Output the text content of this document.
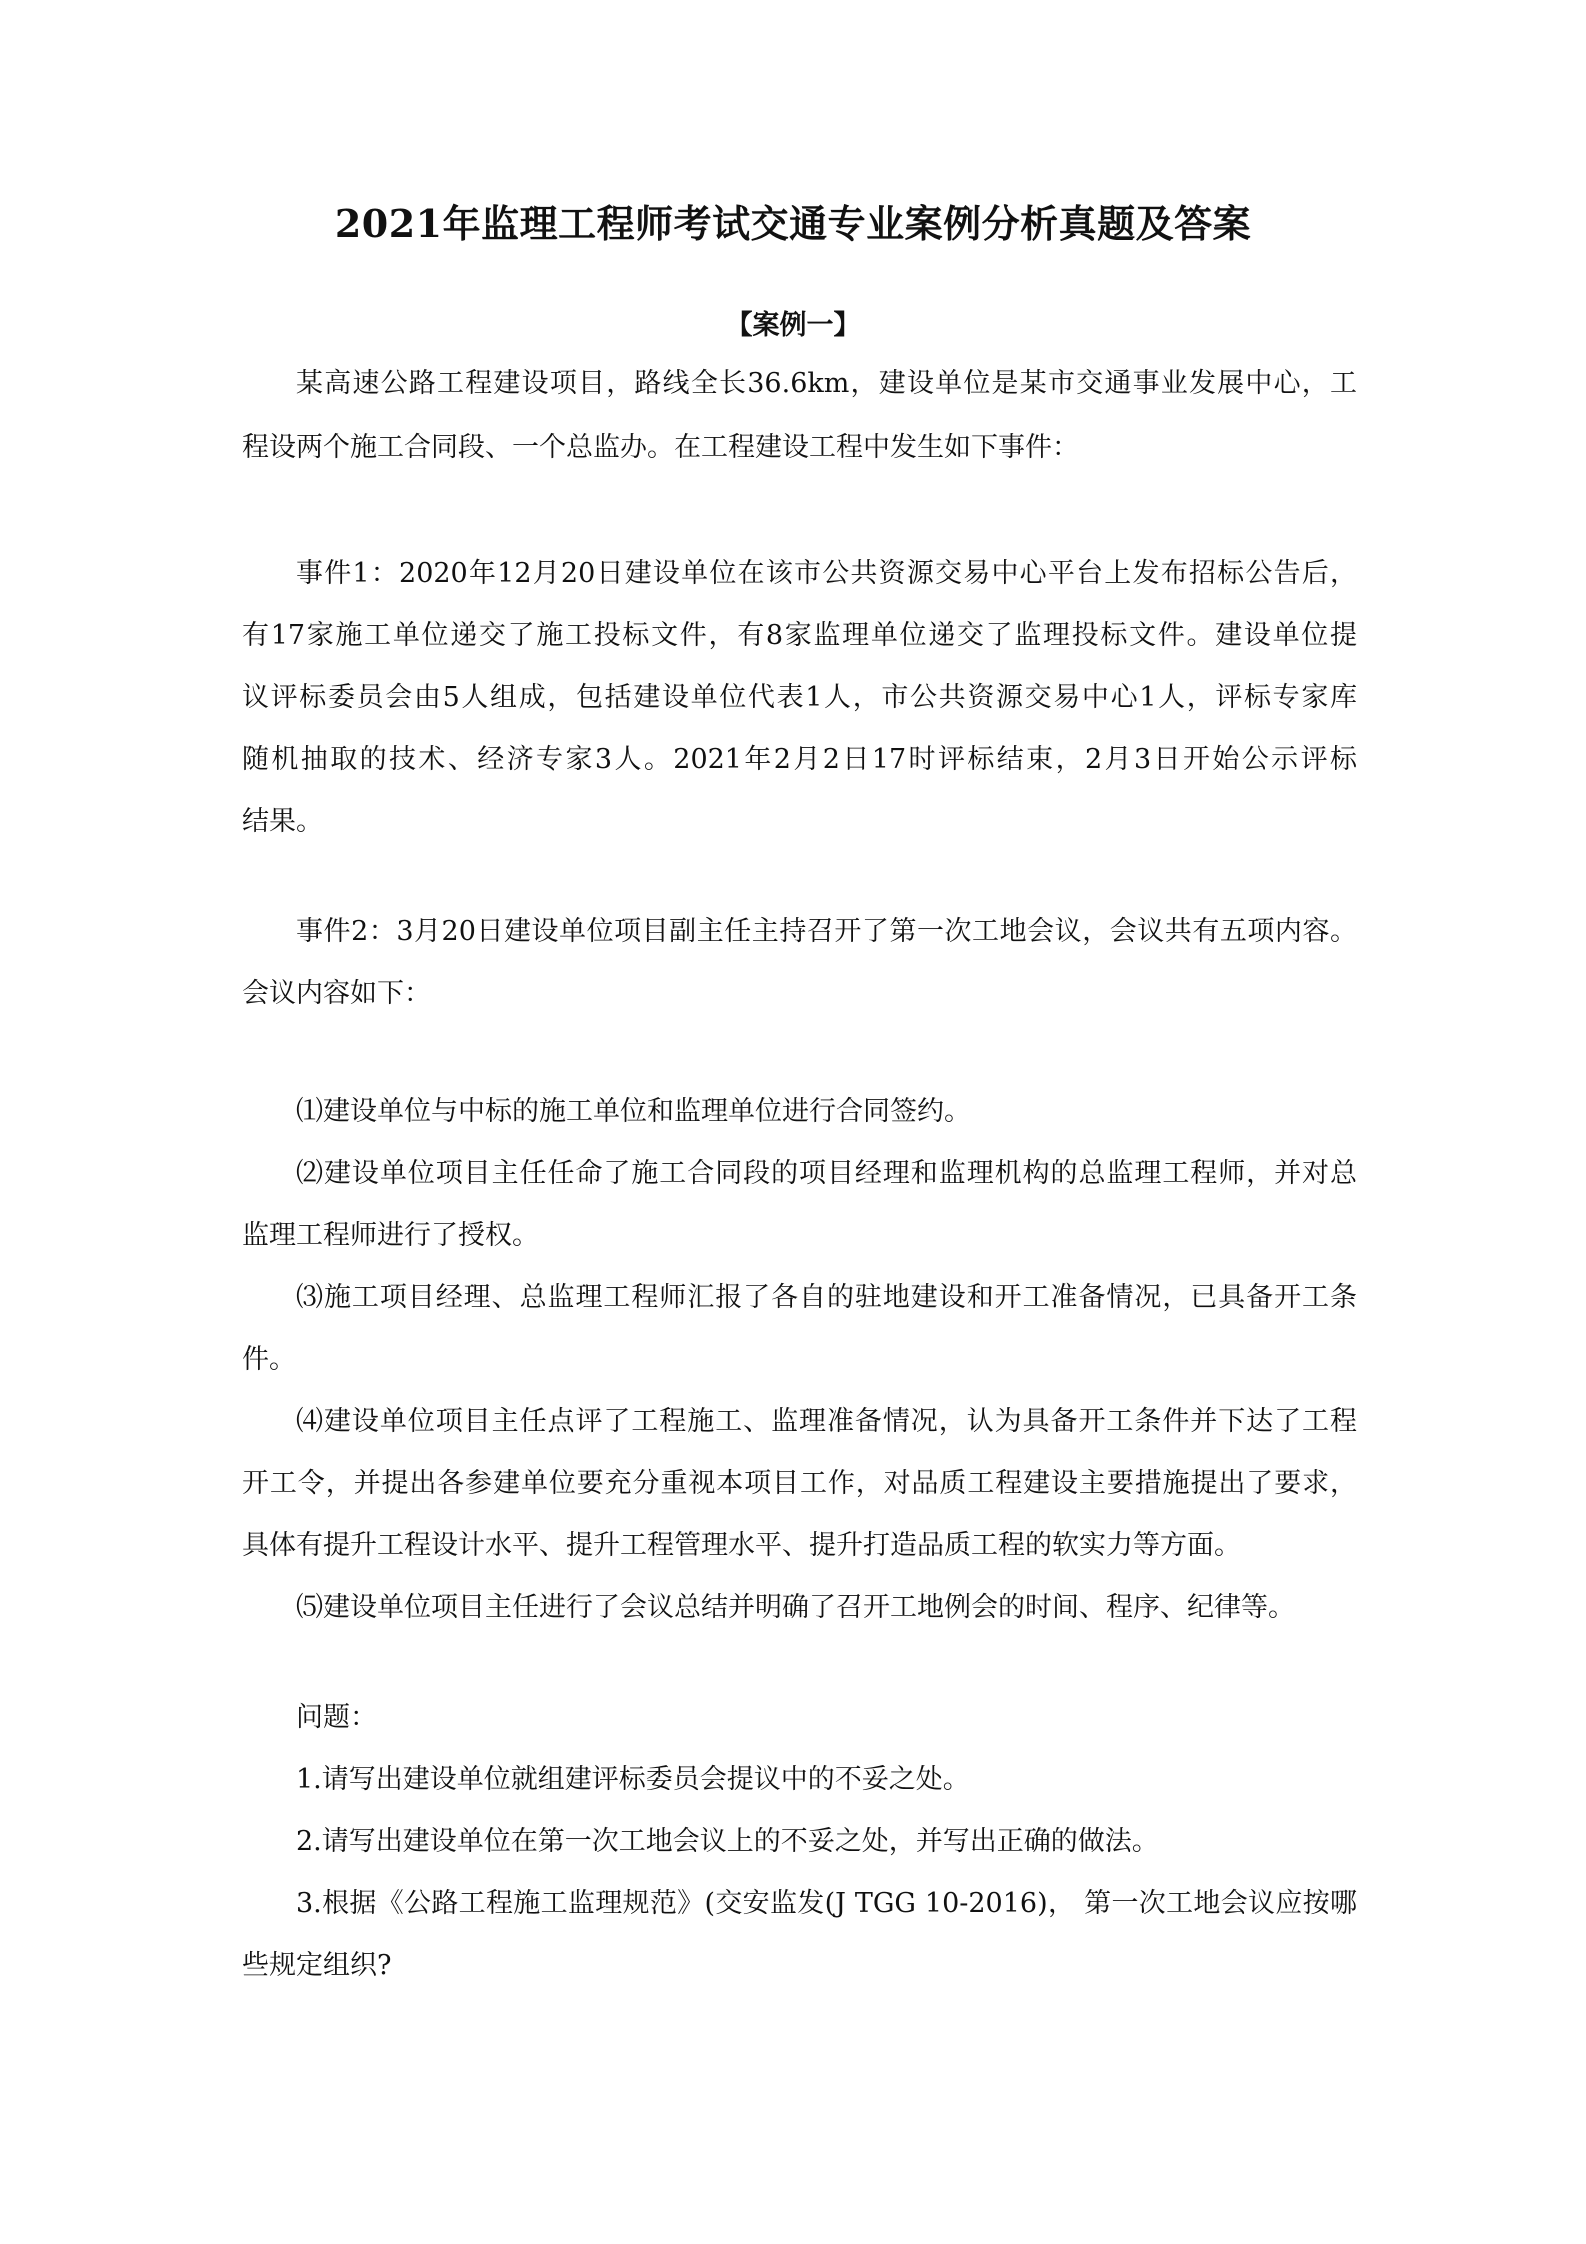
2021年监理工程师考试交通专业案例分析真题及答案
【案例一】
某高速公路工程建设项目，路线全长36.6km，建设单位是某市交通事业发展中心，工
程设两个施工合同段、一个总监办。在工程建设工程中发生如下事件：
事件1：2020年12月20日建设单位在该市公共资源交易中心平台上发布招标公告后，
有17家施工单位递交了施工投标文件，有8家监理单位递交了监理投标文件。建设单位提
议评标委员会由5人组成，包括建设单位代表1人，市公共资源交易中心1人，评标专家库
随机抽取的技术、经济专家3人。2021年2月2日17时评标结束，2月3日开始公示评标
结果。
事件2：3月20日建设单位项目副主任主持召开了第一次工地会议，会议共有五项内容。
会议内容如下：
⑴建设单位与中标的施工单位和监理单位进行合同签约。
⑵建设单位项目主任任命了施工合同段的项目经理和监理机构的总监理工程师，并对总
监理工程师进行了授权。
⑶施工项目经理、总监理工程师汇报了各自的驻地建设和开工准备情况，已具备开工条
件。
⑷建设单位项目主任点评了工程施工、监理准备情况，认为具备开工条件并下达了工程
开工令，并提出各参建单位要充分重视本项目工作，对品质工程建设主要措施提出了要求，
具体有提升工程设计水平、提升工程管理水平、提升打造品质工程的软实力等方面。
⑸建设单位项目主任进行了会议总结并明确了召开工地例会的时间、程序、纪律等。
问题：
1.请写出建设单位就组建评标委员会提议中的不妥之处。
2.请写出建设单位在第一次工地会议上的不妥之处，并写出正确的做法。
3.根据《公路工程施工监理规范》(交安监发(J TGG 10-2016)， 第一次工地会议应按哪
些规定组织?
